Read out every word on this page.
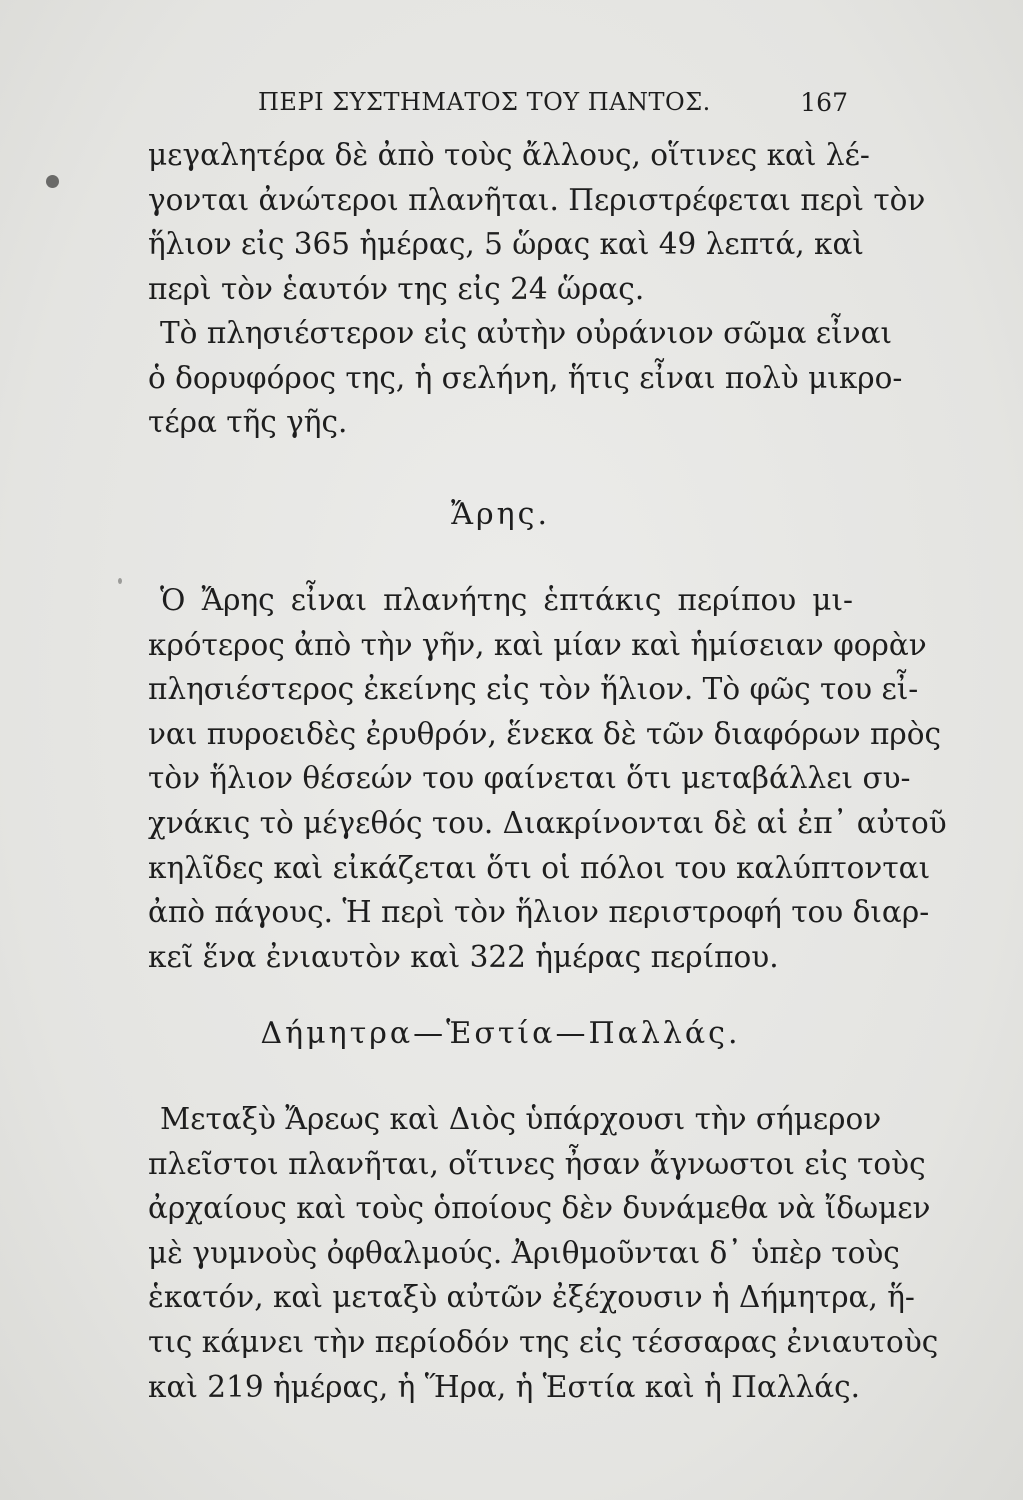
ΠΕΡΙ ΣΥΣΤΗΜΑΤΟΣ ΤΟΥ ΠΑΝΤΟΣ.	167
μεγαλητέρα δὲ ἀπὸ τοὺς ἄλλους, οἵτινες καὶ λέ-
γονται ἀνώτεροι πλανῆται. Περιστρέφεται περὶ τὸν
ἥλιον εἰς 365 ἡμέρας, 5 ὥρας καὶ 49 λεπτά, καὶ
περὶ τὸν ἑαυτόν της εἰς 24 ὥρας.
Τὸ πλησιέστερον εἰς αὐτὴν οὐράνιον σῶμα εἶναι
ὁ δορυφόρος της, ἡ σελήνη, ἥτις εἶναι πολὺ μικρο-
τέρα τῆς γῆς.
Ἄρης.
Ὁ Ἄρης εἶναι πλανήτης ἑπτάκις περίπου μι-
κρότερος ἀπὸ τὴν γῆν, καὶ μίαν καὶ ἡμίσειαν φορὰν
πλησιέστερος ἐκείνης εἰς τὸν ἥλιον. Τὸ φῶς του εἶ-
ναι πυροειδὲς ἐρυθρόν, ἕνεκα δὲ τῶν διαφόρων πρὸς
τὸν ἥλιον θέσεών του φαίνεται ὅτι μεταβάλλει συ-
χνάκις τὸ μέγεθός του. Διακρίνονται δὲ αἱ ἐπ᾽ αὐτοῦ
κηλῖδες καὶ εἰκάζεται ὅτι οἱ πόλοι του καλύπτονται
ἀπὸ πάγους. Ἡ περὶ τὸν ἥλιον περιστροφή του διαρ-
κεῖ ἕνα ἐνιαυτὸν καὶ 322 ἡμέρας περίπου.
Δήμητρα—Ἑστία—Παλλάς.
Μεταξὺ Ἄρεως καὶ Διὸς ὑπάρχουσι τὴν σήμερον
πλεῖστοι πλανῆται, οἵτινες ἦσαν ἄγνωστοι εἰς τοὺς
ἀρχαίους καὶ τοὺς ὁποίους δὲν δυνάμεθα νὰ ἴδωμεν
μὲ γυμνοὺς ὀφθαλμούς. Ἀριθμοῦνται δ᾽ ὑπὲρ τοὺς
ἑκατόν, καὶ μεταξὺ αὐτῶν ἐξέχουσιν ἡ Δήμητρα, ἥ-
τις κάμνει τὴν περίοδόν της εἰς τέσσαρας ἐνιαυτοὺς
καὶ 219 ἡμέρας, ἡ Ἥρα, ἡ Ἑστία καὶ ἡ Παλλάς.
